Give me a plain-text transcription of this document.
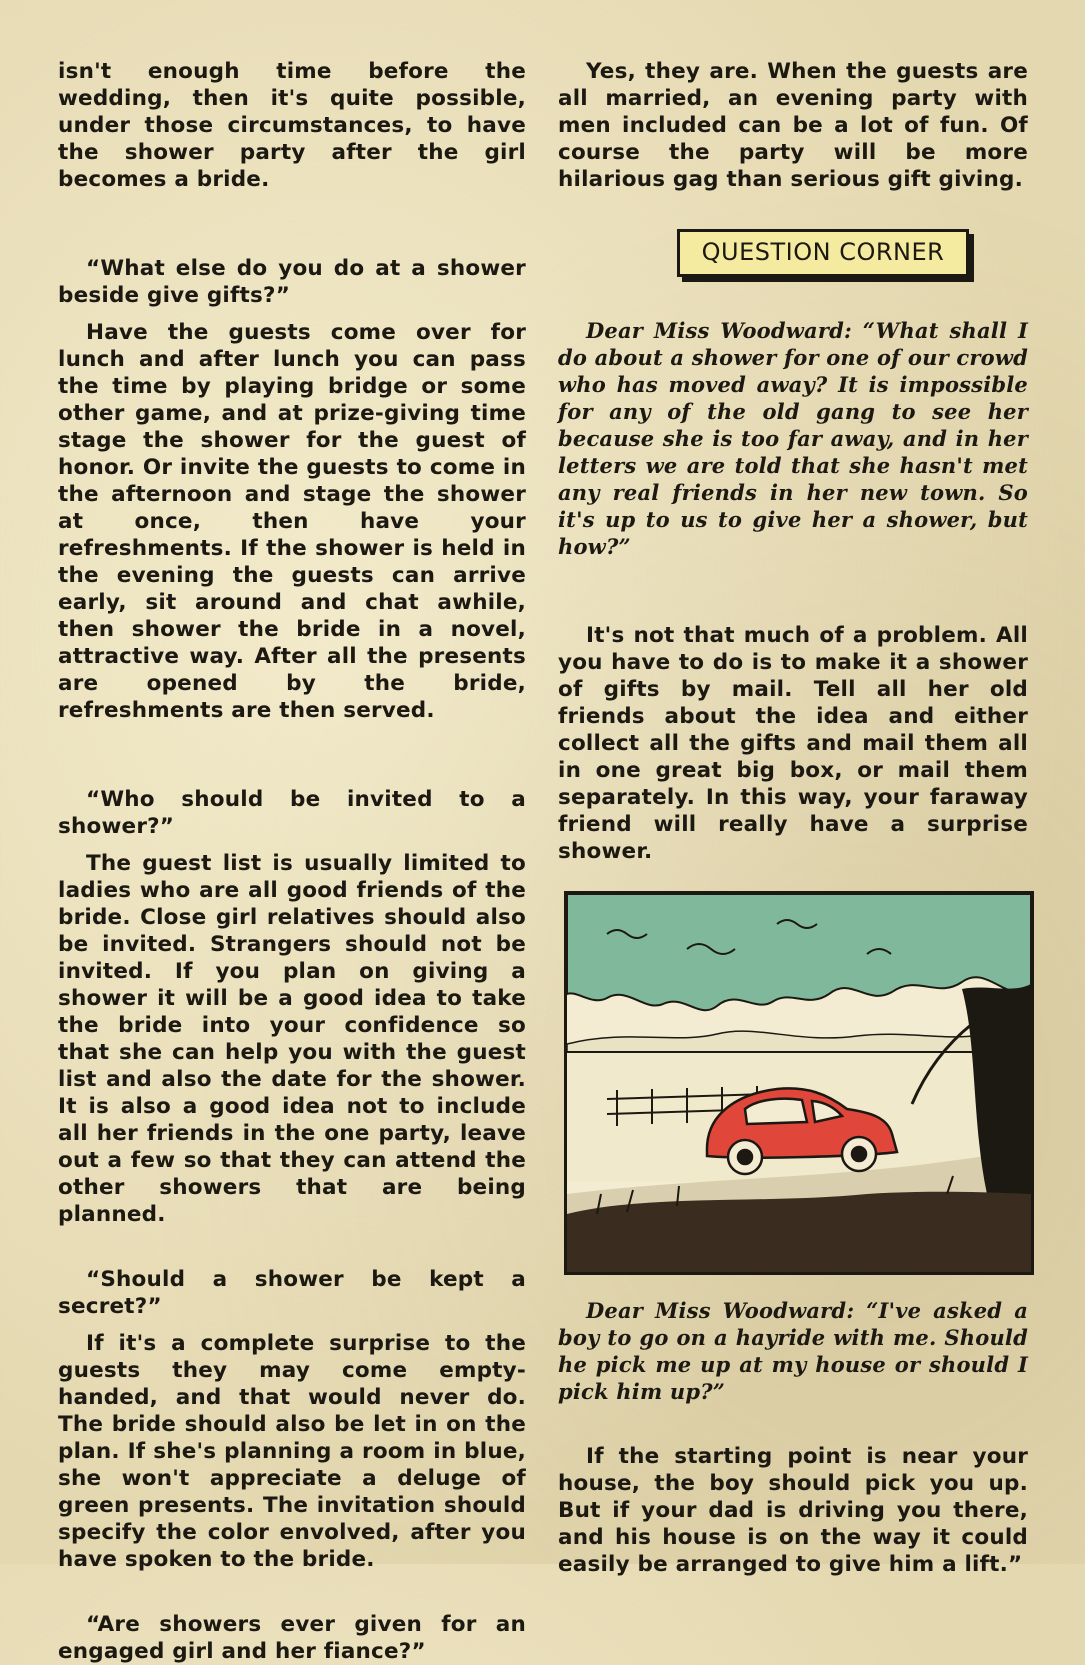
isn't enough time before the wedding, then it's quite possible, under those circumstances, to have the shower party after the girl becomes a bride.

“What else do you do at a shower beside give gifts?”

Have the guests come over for lunch and after lunch you can pass the time by playing bridge or some other game, and at prize-giving time stage the shower for the guest of honor. Or invite the guests to come in the afternoon and stage the shower at once, then have your refreshments. If the shower is held in the evening the guests can arrive early, sit around and chat awhile, then shower the bride in a novel, attractive way. After all the presents are opened by the bride, refreshments are then served.

“Who should be invited to a shower?”

The guest list is usually limited to ladies who are all good friends of the bride. Close girl relatives should also be invited. Strangers should not be invited. If you plan on giving a shower it will be a good idea to take the bride into your confidence so that she can help you with the guest list and also the date for the shower. It is also a good idea not to include all her friends in the one party, leave out a few so that they can attend the other showers that are being planned.

“Should a shower be kept a secret?”

If it's a complete surprise to the guests they may come empty-handed, and that would never do. The bride should also be let in on the plan. If she's planning a room in blue, she won't appreciate a deluge of green presents. The invitation should specify the color envolved, after you have spoken to the bride.

“Are showers ever given for an engaged girl and her fiance?”

Yes, they are. When the guests are all married, an evening party with men included can be a lot of fun. Of course the party will be more hilarious gag than serious gift giving.

QUESTION CORNER

Dear Miss Woodward: “What shall I do about a shower for one of our crowd who has moved away? It is impossible for any of the old gang to see her because she is too far away, and in her letters we are told that she hasn't met any real friends in her new town. So it's up to us to give her a shower, but how?”

It's not that much of a problem. All you have to do is to make it a shower of gifts by mail. Tell all her old friends about the idea and either collect all the gifts and mail them all in one great big box, or mail them separately. In this way, your faraway friend will really have a surprise shower.

Dear Miss Woodward: “I've asked a boy to go on a hayride with me. Should he pick me up at my house or should I pick him up?”

If the starting point is near your house, the boy should pick you up. But if your dad is driving you there, and his house is on the way it could easily be arranged to give him a lift.”
